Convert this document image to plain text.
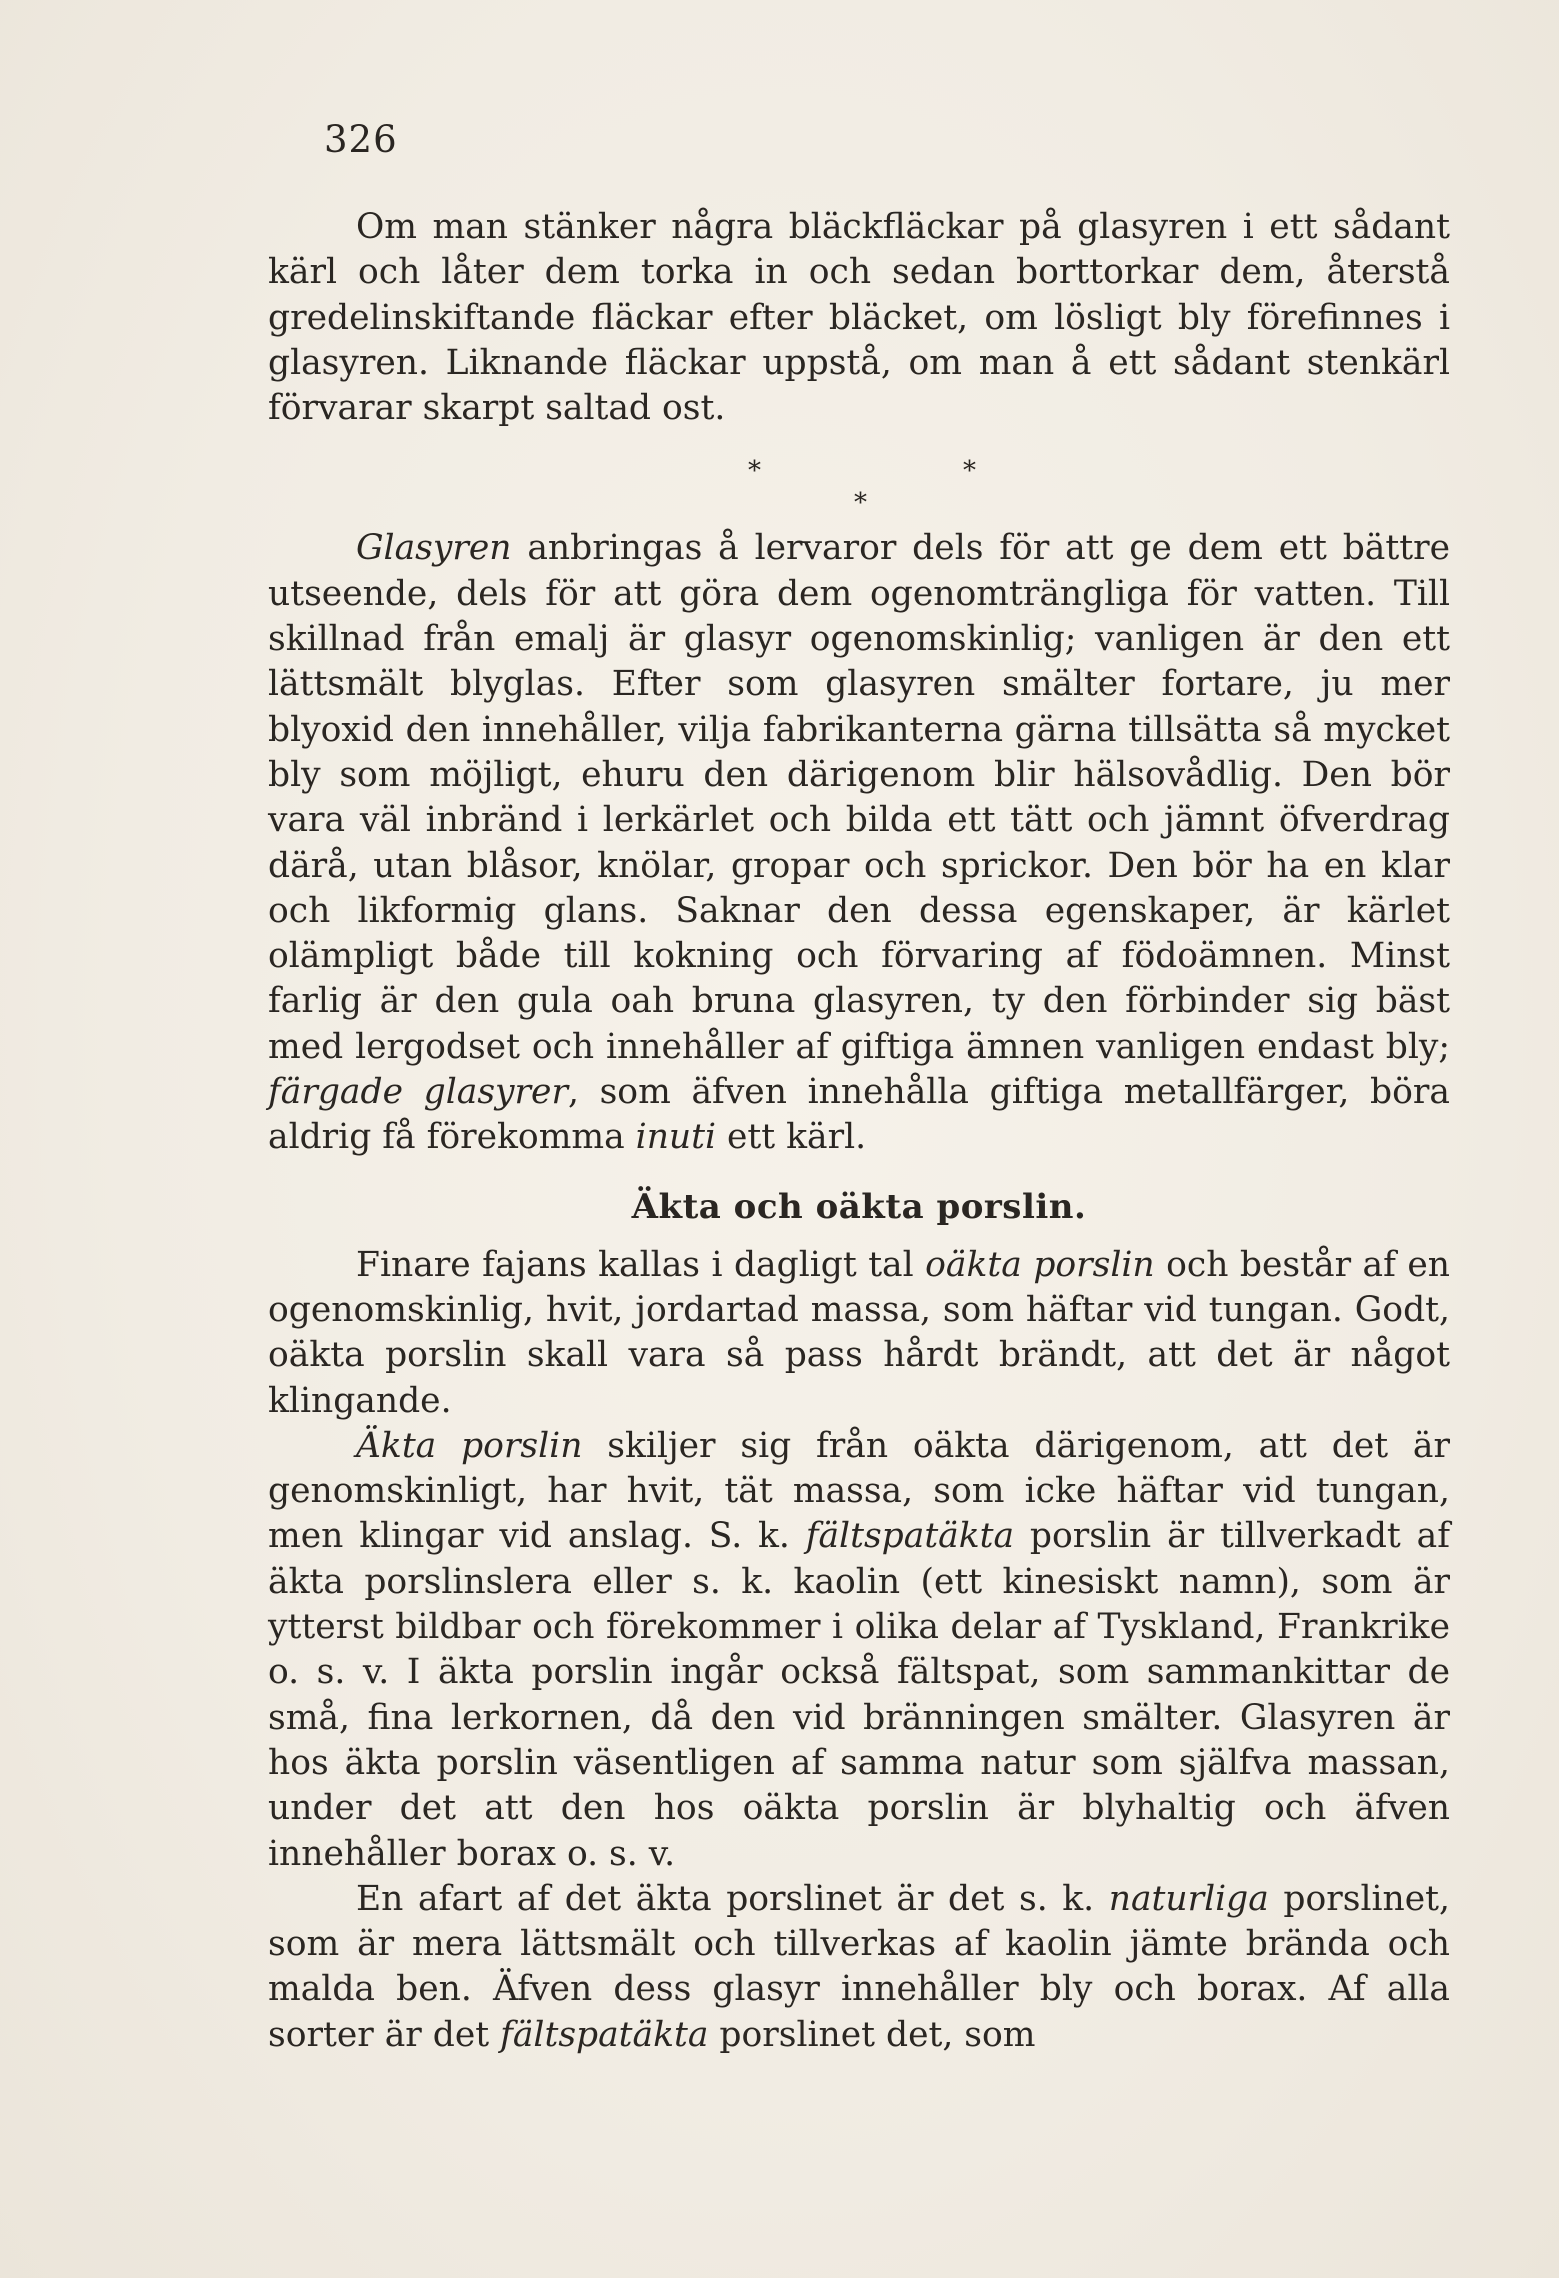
326

Om man stänker några bläckfläckar på glasyren i ett sådant kärl och låter dem torka in och sedan borttorkar dem, återstå gredelinskiftande fläckar efter bläcket, om lösligt bly förefinnes i glasyren. Liknande fläckar uppstå, om man å ett sådant stenkärl förvarar skarpt saltad ost.

*	*
*

Glasyren anbringas å lervaror dels för att ge dem ett bättre utseende, dels för att göra dem ogenomträngliga för vatten. Till skillnad från emalj är glasyr ogenomskinlig; vanligen är den ett lättsmält blyglas. Efter som glasyren smälter fortare, ju mer blyoxid den innehåller, vilja fabrikanterna gärna tillsätta så mycket bly som möjligt, ehuru den därigenom blir hälsovådlig. Den bör vara väl inbränd i lerkärlet och bilda ett tätt och jämnt öfverdrag därå, utan blåsor, knölar, gropar och sprickor. Den bör ha en klar och likformig glans. Saknar den dessa egenskaper, är kärlet olämpligt både till kokning och förvaring af födoämnen. Minst farlig är den gula oah bruna glasyren, ty den förbinder sig bäst med lergodset och innehåller af giftiga ämnen vanligen endast bly; färgade glasyrer, som äfven innehålla giftiga metallfärger, böra aldrig få förekomma inuti ett kärl.

Äkta och oäkta porslin.

Finare fajans kallas i dagligt tal oäkta porslin och består af en ogenomskinlig, hvit, jordartad massa, som häftar vid tungan. Godt, oäkta porslin skall vara så pass hårdt brändt, att det är något klingande.

Äkta porslin skiljer sig från oäkta därigenom, att det är genomskinligt, har hvit, tät massa, som icke häftar vid tungan, men klingar vid anslag. S. k. fältspatäkta porslin är tillverkadt af äkta porslinslera eller s. k. kaolin (ett kinesiskt namn), som är ytterst bildbar och förekommer i olika delar af Tyskland, Frankrike o. s. v. I äkta porslin ingår också fältspat, som sammankittar de små, fina lerkornen, då den vid bränningen smälter. Glasyren är hos äkta porslin väsentligen af samma natur som själfva massan, under det att den hos oäkta porslin är blyhaltig och äfven innehåller borax o. s. v.

En afart af det äkta porslinet är det s. k. naturliga porslinet, som är mera lättsmält och tillverkas af kaolin jämte brända och malda ben. Äfven dess glasyr innehåller bly och borax. Af alla sorter är det fältspatäkta porslinet det, som
